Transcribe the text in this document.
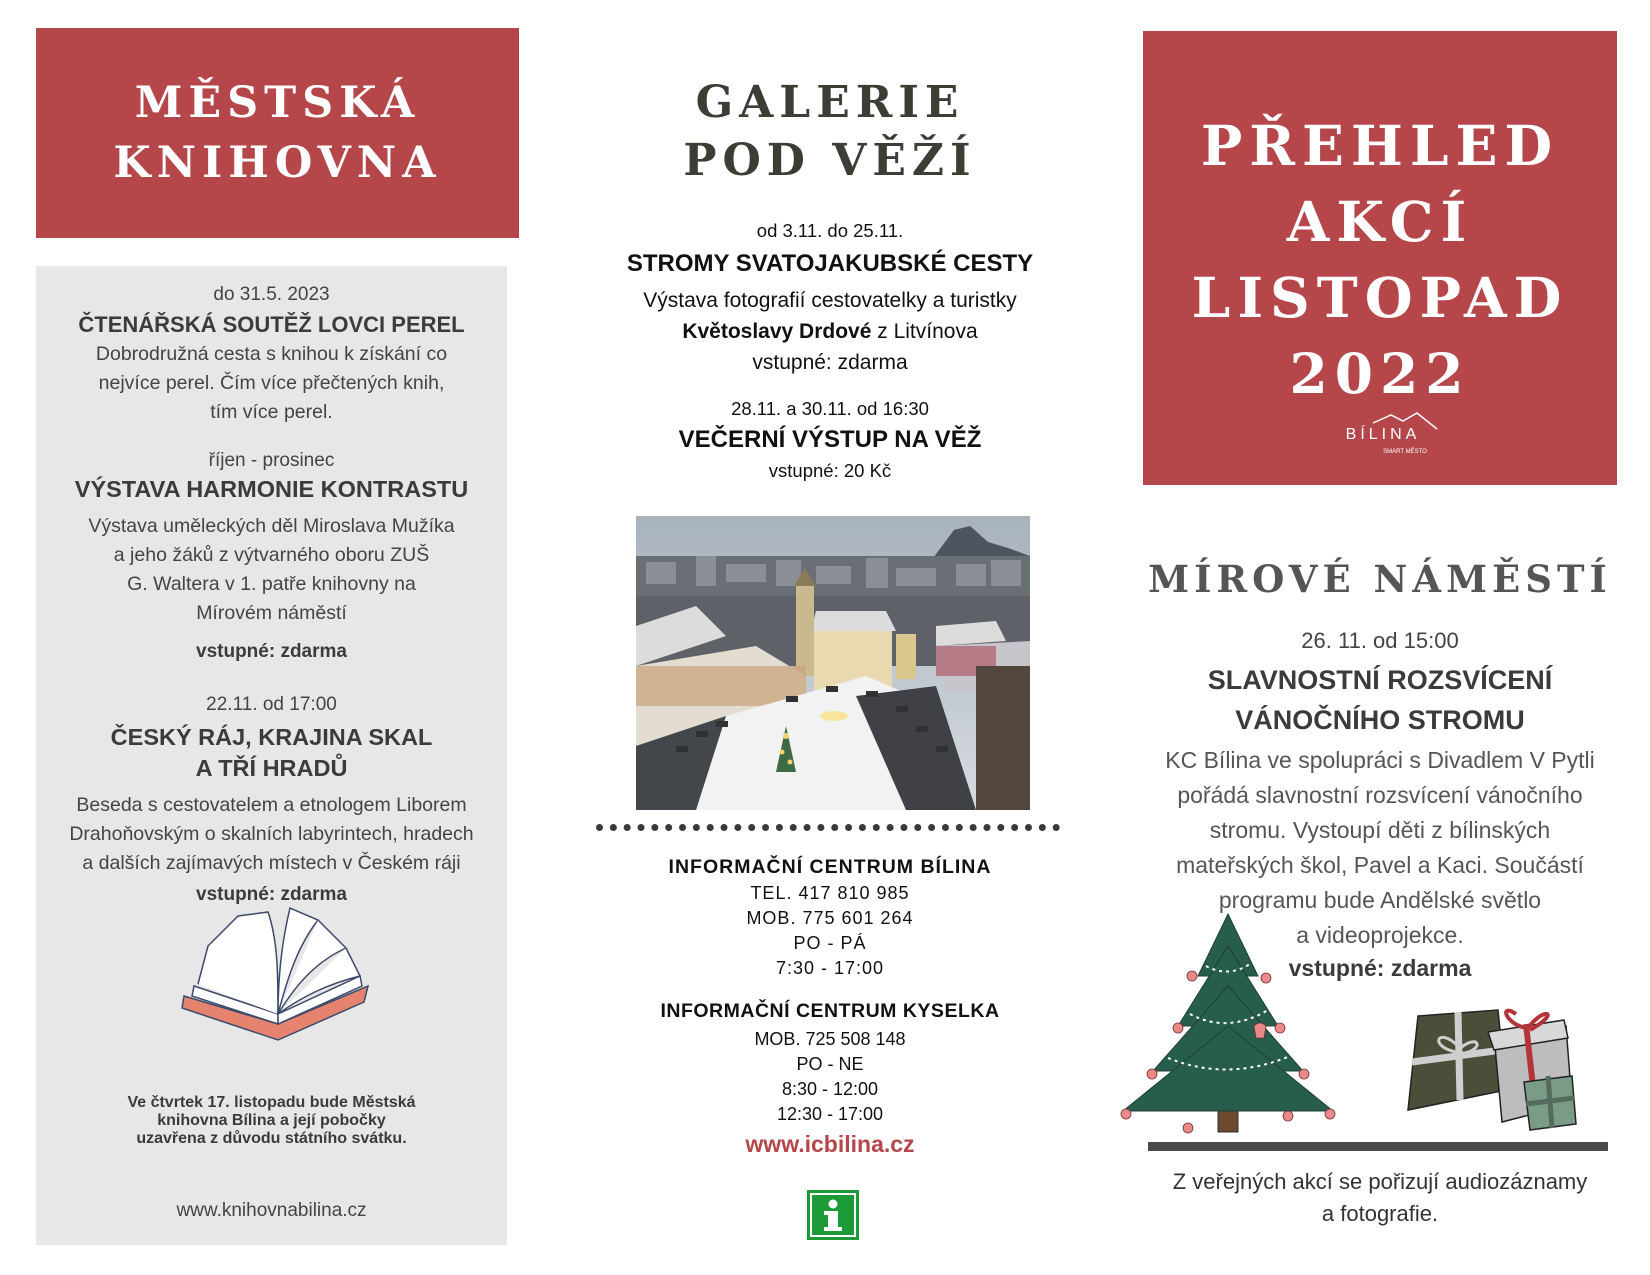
MĚSTSKÁ
KNIHOVNA
do 31.5. 2023
ČTENÁŘSKÁ SOUTĚŽ LOVCI PEREL
Dobrodružná cesta s knihou k získání co
nejvíce perel. Čím více přečtených knih,
tím více perel.
říjen - prosinec
VÝSTAVA HARMONIE KONTRASTU
Výstava uměleckých děl Miroslava Mužíka
a jeho žáků z výtvarného oboru ZUŠ
G. Waltera v 1. patře knihovny na
Mírovém náměstí
vstupné: zdarma
22.11. od 17:00
ČESKÝ RÁJ, KRAJINA SKAL
A TŘÍ HRADŮ
Beseda s cestovatelem a etnologem Liborem
Drahoňovským o skalních labyrintech, hradech
a dalších zajímavých místech v Českém ráji
vstupné: zdarma
Ve čtvrtek 17. listopadu bude Městská
knihovna Bílina a její pobočky
uzavřena z důvodu státního svátku.
www.knihovnabilina.cz
GALERIE
POD VĚŽÍ
od 3.11. do 25.11.
STROMY SVATOJAKUBSKÉ CESTY
Výstava fotografií cestovatelky a turistky
Květoslavy Drdové z Litvínova
vstupné: zdarma
28.11. a 30.11. od 16:30
VEČERNÍ VÝSTUP NA VĚŽ
vstupné: 20 Kč
INFORMAČNÍ CENTRUM BÍLINA
TEL. 417 810 985
MOB. 775 601 264
PO - PÁ
7:30 - 17:00
INFORMAČNÍ CENTRUM KYSELKA
MOB. 725 508 148
PO - NE
8:30 - 12:00
12:30 - 17:00
www.icbilina.cz
PŘEHLED
AKCÍ
LISTOPAD
2022
BÍLINA
SMART MĚSTO
MÍROVÉ NÁMĚSTÍ
26. 11. od 15:00
SLAVNOSTNÍ ROZSVÍCENÍ
VÁNOČNÍHO STROMU
KC Bílina ve spolupráci s Divadlem V Pytli
pořádá slavnostní rozsvícení vánočního
stromu. Vystoupí děti z bílinských
mateřských škol, Pavel a Kaci. Součástí
programu bude Andělské světlo
a videoprojekce.
vstupné: zdarma
Z veřejných akcí se pořizují audiozáznamy
a fotografie.
